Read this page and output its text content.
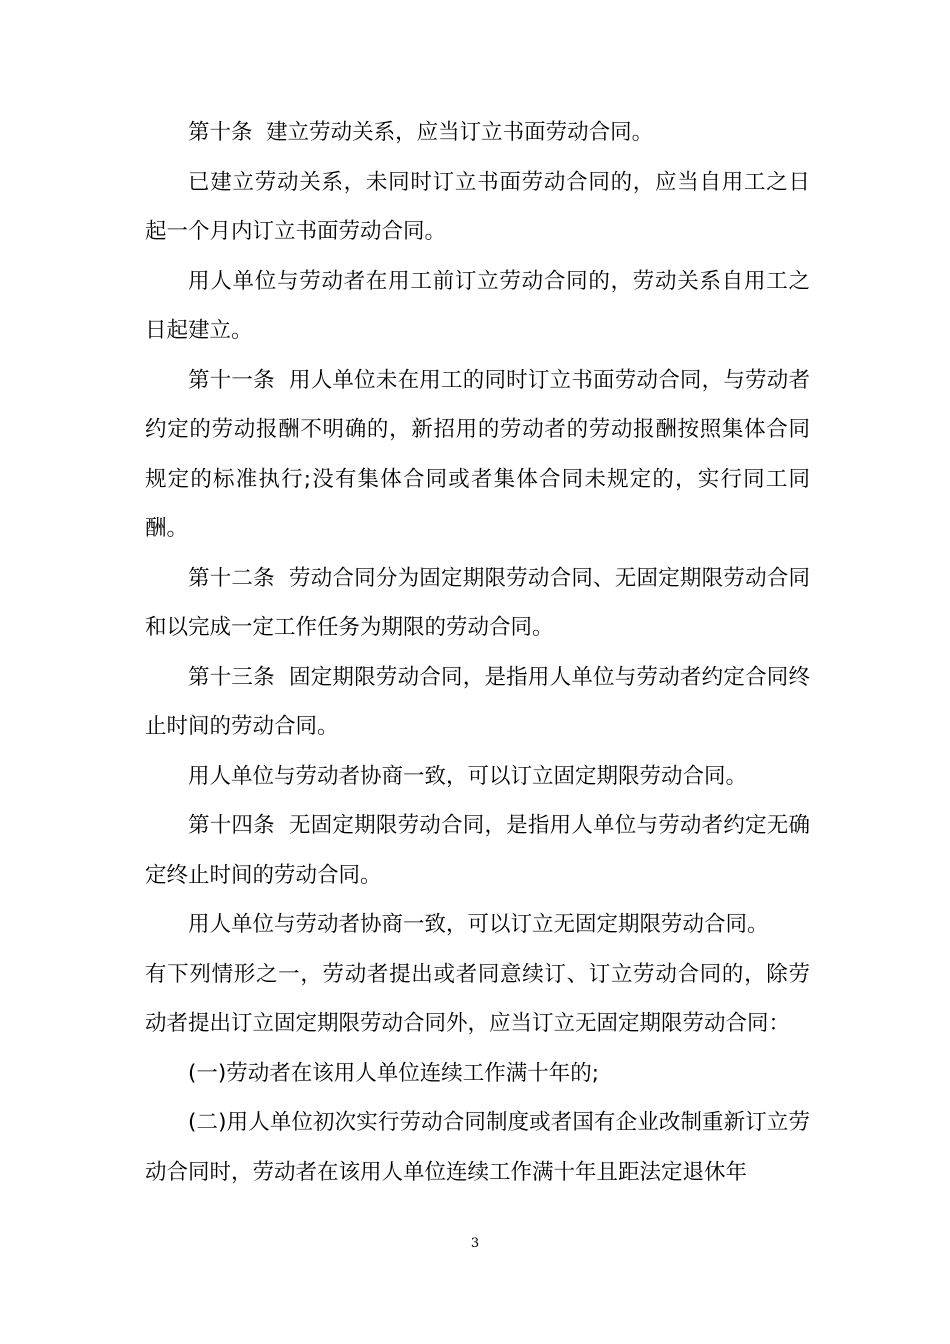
第十条  建立劳动关系，应当订立书面劳动合同。

已建立劳动关系，未同时订立书面劳动合同的，应当自用工之日起一个月内订立书面劳动合同。

用人单位与劳动者在用工前订立劳动合同的，劳动关系自用工之日起建立。

第十一条  用人单位未在用工的同时订立书面劳动合同，与劳动者约定的劳动报酬不明确的，新招用的劳动者的劳动报酬按照集体合同规定的标准执行;没有集体合同或者集体合同未规定的，实行同工同酬。

第十二条  劳动合同分为固定期限劳动合同、无固定期限劳动合同和以完成一定工作任务为期限的劳动合同。

第十三条  固定期限劳动合同，是指用人单位与劳动者约定合同终止时间的劳动合同。

用人单位与劳动者协商一致，可以订立固定期限劳动合同。

第十四条  无固定期限劳动合同，是指用人单位与劳动者约定无确定终止时间的劳动合同。

用人单位与劳动者协商一致，可以订立无固定期限劳动合同。

有下列情形之一，劳动者提出或者同意续订、订立劳动合同的，除劳动者提出订立固定期限劳动合同外，应当订立无固定期限劳动合同：

(一)劳动者在该用人单位连续工作满十年的;

(二)用人单位初次实行劳动合同制度或者国有企业改制重新订立劳动合同时，劳动者在该用人单位连续工作满十年且距法定退休年

3
